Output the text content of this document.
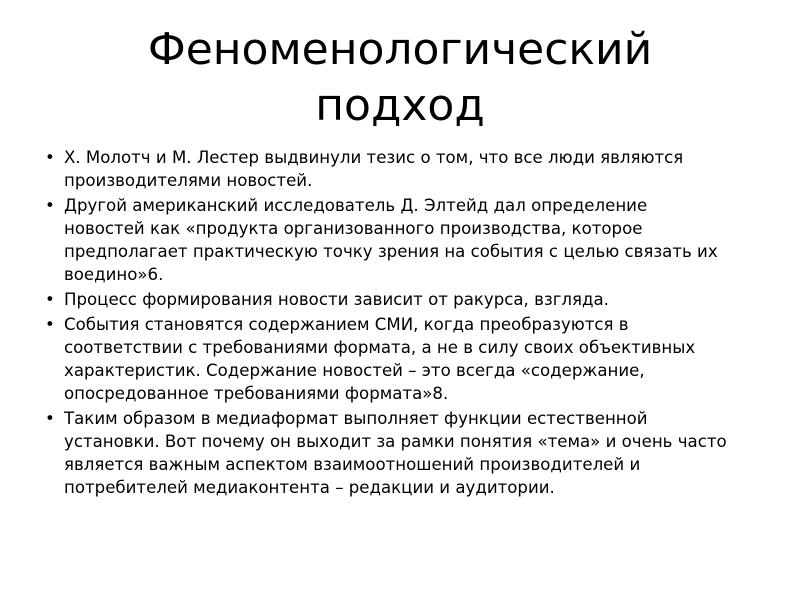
Феноменологический
подход
• Х. Молотч и М. Лестер выдвинули тезис о том, что все люди являются производителями новостей.
• Другой американский исследователь Д. Элтейд дал определение новостей как «продукта организованного производства, которое предполагает практическую точку зрения на события с целью связать их воедино»6.
• Процесс формирования новости зависит от ракурса, взгляда.
• События становятся содержанием СМИ, когда преобразуются в соответствии с требованиями формата, а не в силу своих объективных характеристик. Содержание новостей – это всегда «содержание, опосредованное требованиями формата»8.
• Таким образом в медиаформат выполняет функции естественной установки. Вот почему он выходит за рамки понятия «тема» и очень часто является важным аспектом взаимоотношений производителей и потребителей медиаконтента – редакции и аудитории.
